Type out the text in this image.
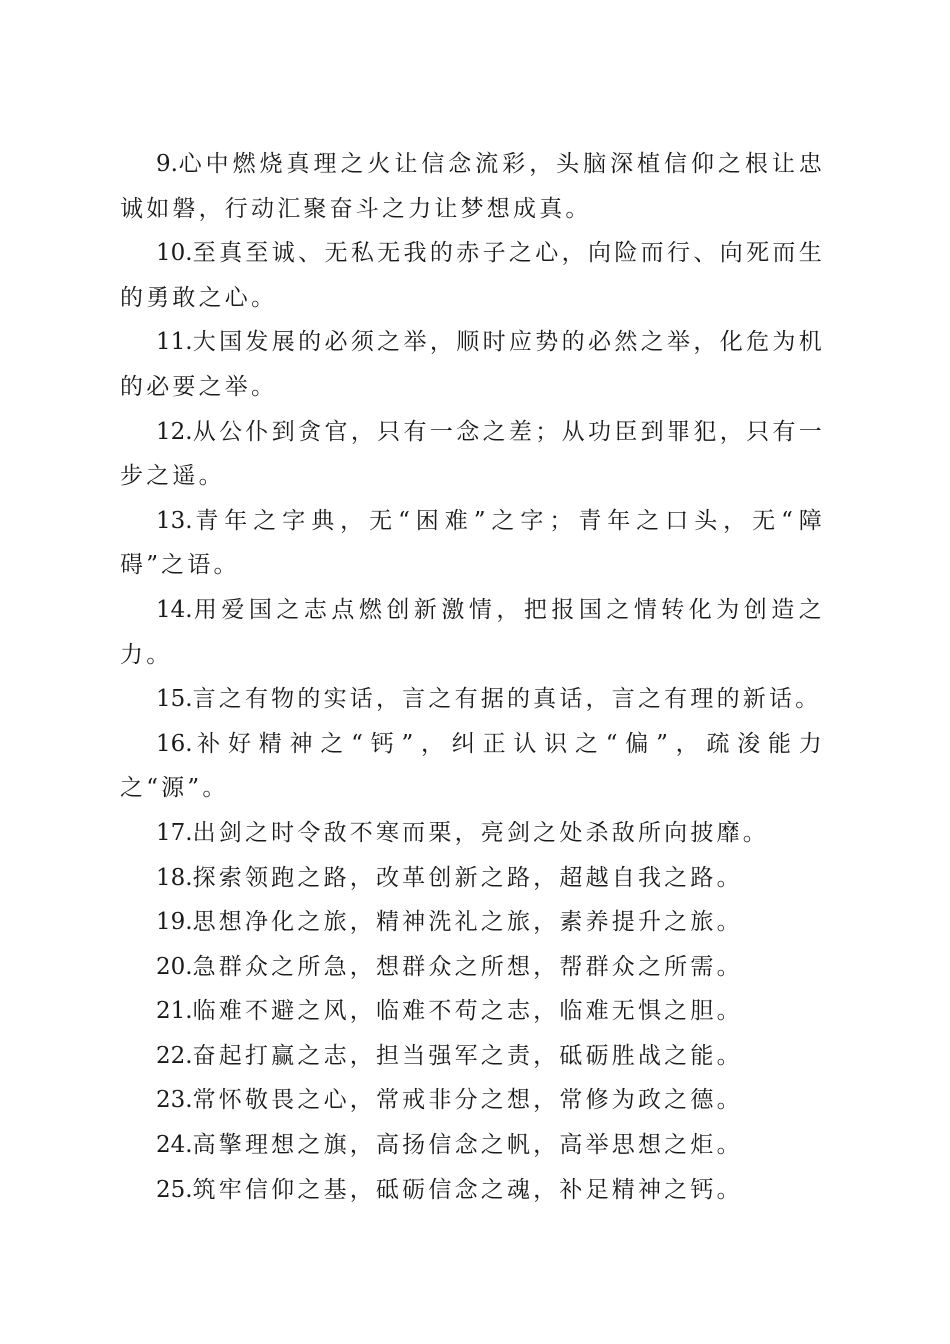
9.心中燃烧真理之火让信念流彩，头脑深植信仰之根让忠诚如磐，行动汇聚奋斗之力让梦想成真。

10.至真至诚、无私无我的赤子之心，向险而行、向死而生的勇敢之心。

11.大国发展的必须之举，顺时应势的必然之举，化危为机的必要之举。

12.从公仆到贪官，只有一念之差；从功臣到罪犯，只有一步之遥。

13.青年之字典，无“困难”之字；青年之口头，无“障碍”之语。

14.用爱国之志点燃创新激情，把报国之情转化为创造之力。

15.言之有物的实话，言之有据的真话，言之有理的新话。

16.补好精神之“钙”，纠正认识之“偏”，疏浚能力之“源”。

17.出剑之时令敌不寒而栗，亮剑之处杀敌所向披靡。

18.探索领跑之路，改革创新之路，超越自我之路。

19.思想净化之旅，精神洗礼之旅，素养提升之旅。

20.急群众之所急，想群众之所想，帮群众之所需。

21.临难不避之风，临难不苟之志，临难无惧之胆。

22.奋起打赢之志，担当强军之责，砥砺胜战之能。

23.常怀敬畏之心，常戒非分之想，常修为政之德。

24.高擎理想之旗，高扬信念之帆，高举思想之炬。

25.筑牢信仰之基，砥砺信念之魂，补足精神之钙。
